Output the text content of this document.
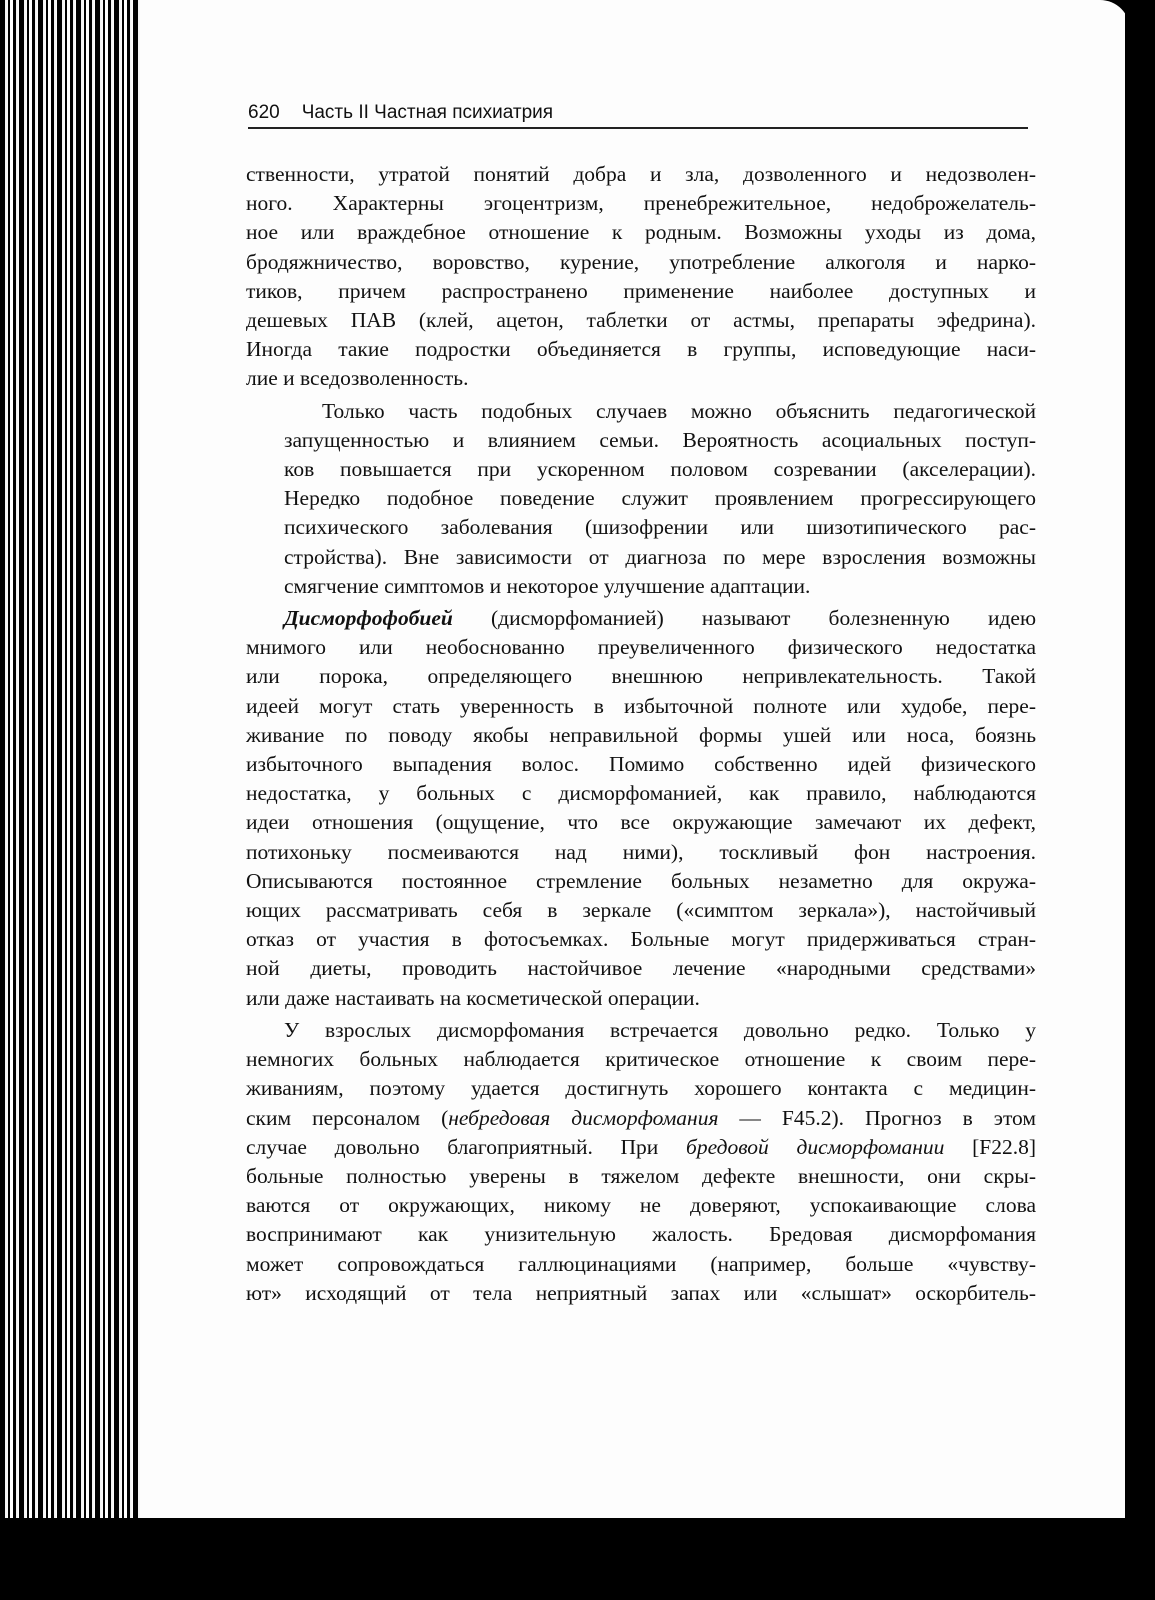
620 Часть II Частная психиатрия

ственности, утратой понятий добра и зла, дозволенного и недозволен-
ного. Характерны эгоцентризм, пренебрежительное, недоброжелатель-
ное или враждебное отношение к родным. Возможны уходы из дома,
бродяжничество, воровство, курение, употребление алкоголя и нарко-
тиков, причем распространено применение наиболее доступных и
дешевых ПАВ (клей, ацетон, таблетки от астмы, препараты эфедрина).
Иногда такие подростки объединяется в группы, исповедующие наси-
лие и вседозволенность.

Только часть подобных случаев можно объяснить педагогической
запущенностью и влиянием семьи. Вероятность асоциальных поступ-
ков повышается при ускоренном половом созревании (акселерации).
Нередко подобное поведение служит проявлением прогрессирующего
психического заболевания (шизофрении или шизотипического рас-
стройства). Вне зависимости от диагноза по мере взросления возможны
смягчение симптомов и некоторое улучшение адаптации.

Дисморфофобией (дисморфоманией) называют болезненную идею
мнимого или необоснованно преувеличенного физического недостатка
или порока, определяющего внешнюю непривлекательность. Такой
идеей могут стать уверенность в избыточной полноте или худобе, пере-
живание по поводу якобы неправильной формы ушей или носа, боязнь
избыточного выпадения волос. Помимо собственно идей физического
недостатка, у больных с дисморфоманией, как правило, наблюдаются
идеи отношения (ощущение, что все окружающие замечают их дефект,
потихоньку посмеиваются над ними), тоскливый фон настроения.
Описываются постоянное стремление больных незаметно для окружа-
ющих рассматривать себя в зеркале («симптом зеркала»), настойчивый
отказ от участия в фотосъемках. Больные могут придерживаться стран-
ной диеты, проводить настойчивое лечение «народными средствами»
или даже настаивать на косметической операции.

У взрослых дисморфомания встречается довольно редко. Только у
немногих больных наблюдается критическое отношение к своим пере-
живаниям, поэтому удается достигнуть хорошего контакта с медицин-
ским персоналом (небредовая дисморфомания — F45.2). Прогноз в этом
случае довольно благоприятный. При бредовой дисморфомании [F22.8]
больные полностью уверены в тяжелом дефекте внешности, они скры-
ваются от окружающих, никому не доверяют, успокаивающие слова
воспринимают как унизительную жалость. Бредовая дисморфомания
может сопровождаться галлюцинациями (например, больше «чувству-
ют» исходящий от тела неприятный запах или «слышат» оскорбитель-
